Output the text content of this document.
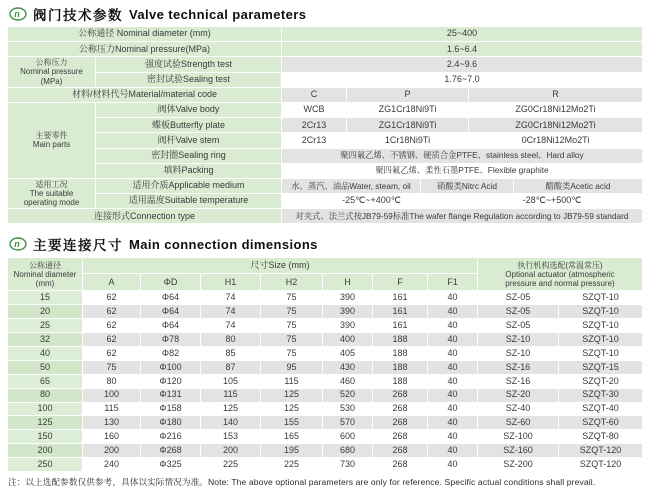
n 阀门技术参数 Valve technical parameters
公称通径 Nominal diameter (mm)	25~400
公称压力Nominal pressure(MPa)	1.6~6.4
公称压力
Nominal pressure
(MPa)
强度试验Strength test	2.4~9.6
密封试验Sealing test	1.76~7.0
材料/材料代号Material/material code	C	P	R
主要零件
Main parts
阀体Valve body	WCB	ZG1Cr18Ni9Ti	ZG0Cr18Ni12Mo2Ti
蝶板Butterfly plate	2Cr13	ZG1Cr18Ni9Ti	ZG0Cr18Ni12Mo2Ti
阀杆Valve stem	2Cr13	1Cr18Ni9Ti	0Cr18Ni12Mo2Ti
密封圈Sealing ring	聚四氟乙烯、不锈钢、硬质合金PTFE、stainless steel、Hard alloy
填料Packing	聚四氟乙烯、柔性石墨PTFE、Flexible graphite
适用工况
The suitable
operating mode
适用介质Applicable medium	水、蒸汽、油品Water, steam, oil	硝酸类Nitrc Acid	醋酸类Acetic acid
适用温度Suitable temperature	-25℃~+400℃	-28℃~+500℃
连接形式Connection type	对夹式、法兰式按JB79-59标准The wafer flange Regulation according to JB79-59 standard
n 主要连接尺寸 Main connection dimensions
公称通径
Nominal diameter
(mm)
尺寸Size (mm)
A	ΦD	H1	H2	H	F	F1
执行机构选配(常温常压)
Optional actuator (atmospheric
pressure and normal pressure)
15	62	Φ64	74	75	390	161	40	SZ-05	SZQT-10
20	62	Φ64	74	75	390	161	40	SZ-05	SZQT-10
25	62	Φ64	74	75	390	161	40	SZ-05	SZQT-10
32	62	Φ78	80	75	400	188	40	SZ-10	SZQT-10
40	62	Φ82	85	75	405	188	40	SZ-10	SZQT-10
50	75	Φ100	87	95	430	188	40	SZ-16	SZQT-15
65	80	Φ120	105	115	460	188	40	SZ-16	SZQT-20
80	100	Φ131	115	125	520	268	40	SZ-20	SZQT-30
100	115	Φ158	125	125	530	268	40	SZ-40	SZQT-40
125	130	Φ180	140	155	570	268	40	SZ-60	SZQT-60
150	160	Φ216	153	165	600	268	40	SZ-100	SZQT-80
200	200	Φ268	200	195	680	268	40	SZ-160	SZQT-120
250	240	Φ325	225	225	730	268	40	SZ-200	SZQT-120
注：以上选配参数仅供参考，具体以实际情况为准。Note: The above optional parameters are only for reference. Specific actual conditions shall prevail.
